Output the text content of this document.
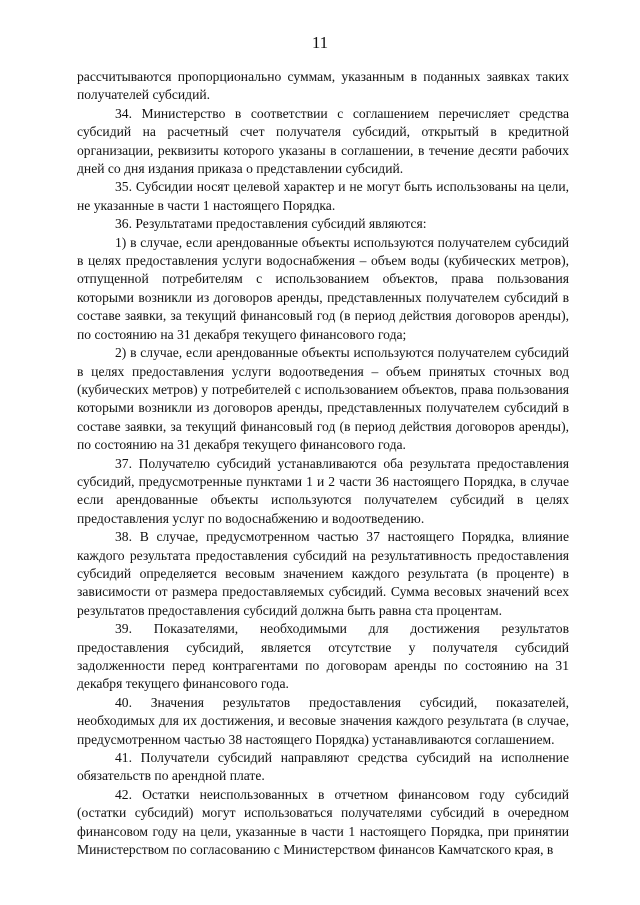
11

рассчитываются пропорционально суммам, указанным в поданных заявках таких получателей субсидий.

34. Министерство в соответствии с соглашением перечисляет средства субсидий на расчетный счет получателя субсидий, открытый в кредитной организации, реквизиты которого указаны в соглашении, в течение десяти рабочих дней со дня издания приказа о представлении субсидий.

35. Субсидии носят целевой характер и не могут быть использованы на цели, не указанные в части 1 настоящего Порядка.

36. Результатами предоставления субсидий являются:

1) в случае, если арендованные объекты используются получателем субсидий в целях предоставления услуги водоснабжения – объем воды (кубических метров), отпущенной потребителям с использованием объектов, права пользования которыми возникли из договоров аренды, представленных получателем субсидий в составе заявки, за текущий финансовый год (в период действия договоров аренды), по состоянию на 31 декабря текущего финансового года;

2) в случае, если арендованные объекты используются получателем субсидий в целях предоставления услуги водоотведения – объем принятых сточных вод (кубических метров) у потребителей с использованием объектов, права пользования которыми возникли из договоров аренды, представленных получателем субсидий в составе заявки, за текущий финансовый год (в период действия договоров аренды), по состоянию на 31 декабря текущего финансового года.

37. Получателю субсидий устанавливаются оба результата предоставления субсидий, предусмотренные пунктами 1 и 2 части 36 настоящего Порядка, в случае если арендованные объекты используются получателем субсидий в целях предоставления услуг по водоснабжению и водоотведению.

38. В случае, предусмотренном частью 37 настоящего Порядка, влияние каждого результата предоставления субсидий на результативность предоставления субсидий определяется весовым значением каждого результата (в проценте) в зависимости от размера предоставляемых субсидий. Сумма весовых значений всех результатов предоставления субсидий должна быть равна ста процентам.

39. Показателями, необходимыми для достижения результатов предоставления субсидий, является отсутствие у получателя субсидий задолженности перед контрагентами по договорам аренды по состоянию на 31 декабря текущего финансового года.

40. Значения результатов предоставления субсидий, показателей, необходимых для их достижения, и весовые значения каждого результата (в случае, предусмотренном частью 38 настоящего Порядка) устанавливаются соглашением.

41. Получатели субсидий направляют средства субсидий на исполнение обязательств по арендной плате.

42. Остатки неиспользованных в отчетном финансовом году субсидий (остатки субсидий) могут использоваться получателями субсидий в очередном финансовом году на цели, указанные в части 1 настоящего Порядка, при принятии Министерством по согласованию с Министерством финансов Камчатского края, в
